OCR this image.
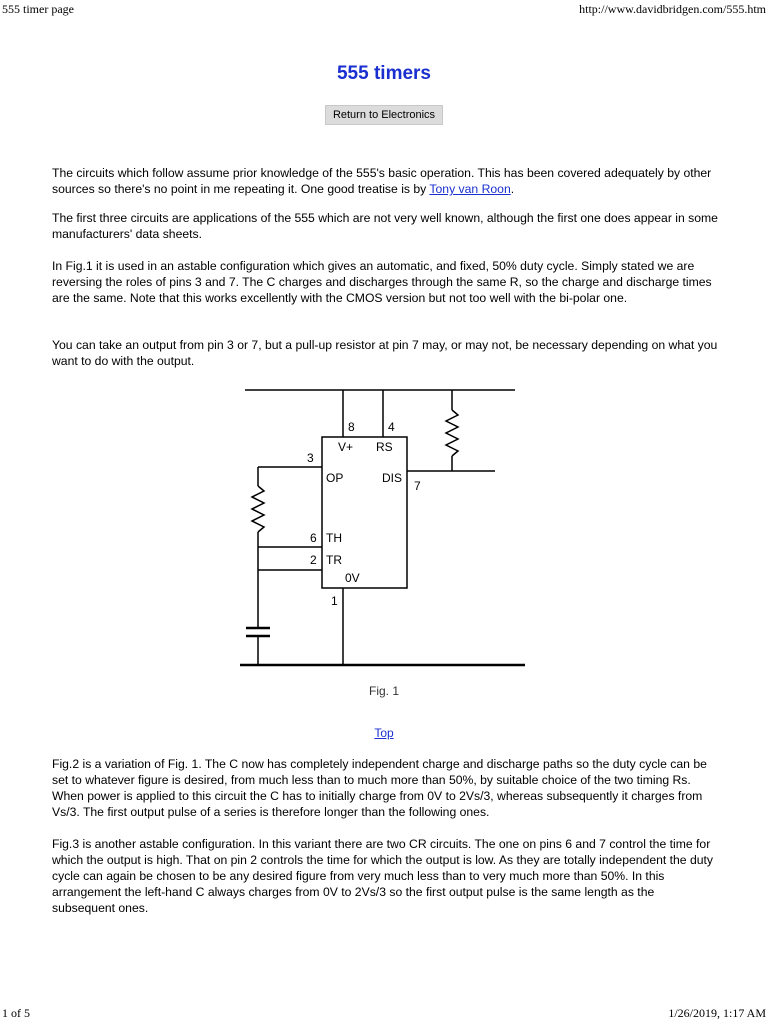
555 timer page	http://www.davidbridgen.com/555.htm
555 timers
Return to Electronics

The circuits which follow assume prior knowledge of the 555's basic operation. This has been covered adequately by other sources so there's no point in me repeating it. One good treatise is by Tony van Roon.

The first three circuits are applications of the 555 which are not very well known, although the first one does appear in some manufacturers' data sheets.

In Fig.1 it is used in an astable configuration which gives an automatic, and fixed, 50% duty cycle. Simply stated we are reversing the roles of pins 3 and 7. The C charges and discharges through the same R, so the charge and discharge times are the same. Note that this works excellently with the CMOS version but not too well with the bi-polar one.

You can take an output from pin 3 or 7, but a pull-up resistor at pin 7 may, or may not, be necessary depending on what you want to do with the output.

8	4
3
7
6
2
1
V+ RS
OP	DIS
TH
TR
0V
Fig. 1
Top

Fig.2 is a variation of Fig. 1. The C now has completely independent charge and discharge paths so the duty cycle can be set to whatever figure is desired, from much less than to much more than 50%, by suitable choice of the two timing Rs. When power is applied to this circuit the C has to initially charge from 0V to 2Vs/3, whereas subsequently it charges from Vs/3. The first output pulse of a series is therefore longer than the following ones.

Fig.3 is another astable configuration. In this variant there are two CR circuits. The one on pins 6 and 7 control the time for which the output is high. That on pin 2 controls the time for which the output is low. As they are totally independent the duty cycle can again be chosen to be any desired figure from very much less than to very much more than 50%. In this arrangement the left-hand C always charges from 0V to 2Vs/3 so the first output pulse is the same length as the subsequent ones.

1 of 5	1/26/2019, 1:17 AM
